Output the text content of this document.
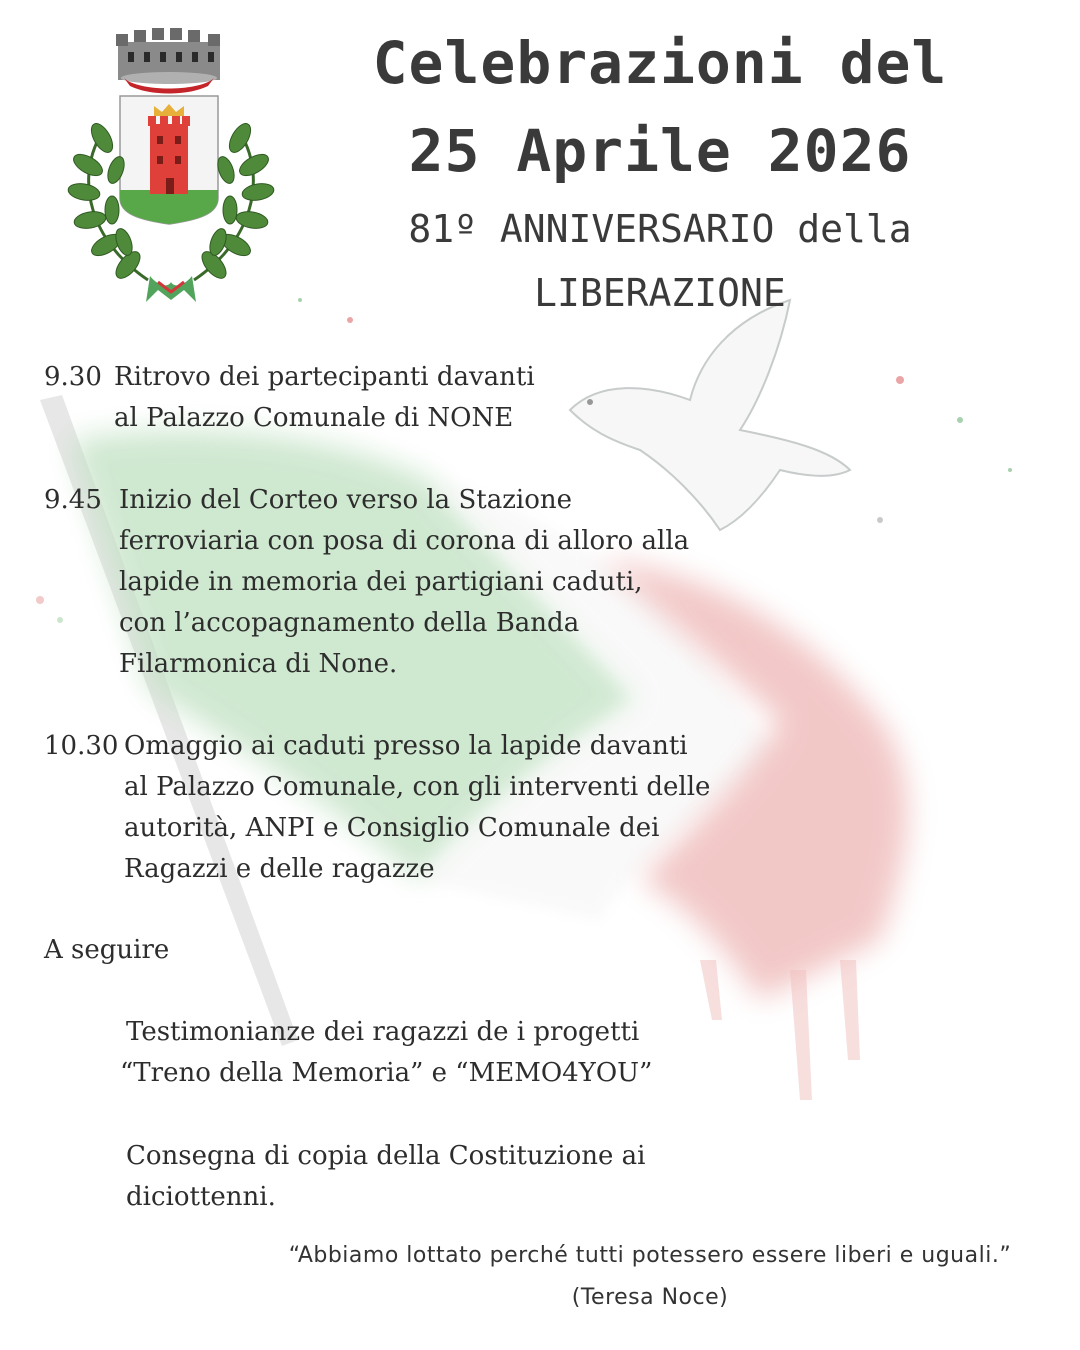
Celebrazioni del
25 Aprile 2026
81º ANNIVERSARIO della
LIBERAZIONE
9.30 Ritrovo dei partecipanti davanti
al Palazzo Comunale di NONE
9.45 Inizio del Corteo verso la Stazione
ferroviaria con posa di corona di alloro alla
lapide in memoria dei partigiani caduti,
con l’accopagnamento della Banda
Filarmonica di None.
10.30 Omaggio ai caduti presso la lapide davanti
al Palazzo Comunale, con gli interventi delle
autorità, ANPI e Consiglio Comunale dei
Ragazzi e delle ragazze
A seguire
Testimonianze dei ragazzi de i progetti
“Treno della Memoria” e “MEMO4YOU”
Consegna di copia della Costituzione ai
diciottenni.
“Abbiamo lottato perché tutti potessero essere liberi e uguali.”
(Teresa Noce)
